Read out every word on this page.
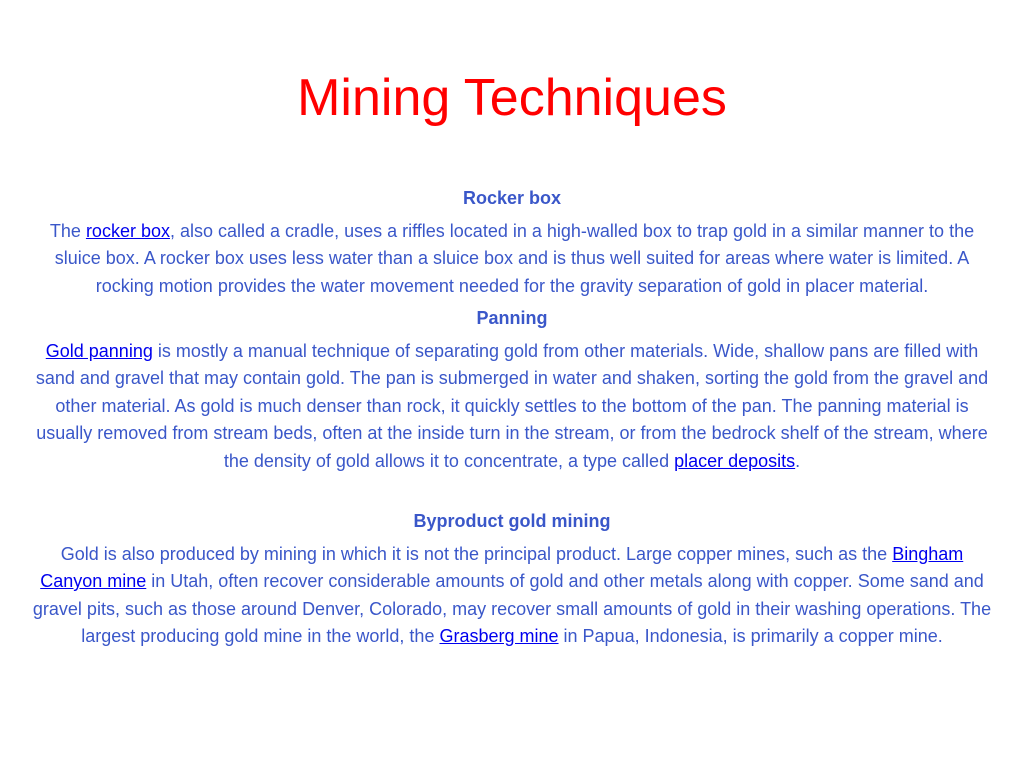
Mining Techniques
Rocker box
The rocker box, also called a cradle, uses a riffles located in a high-walled box to trap gold in a similar manner to the sluice box. A rocker box uses less water than a sluice box and is thus well suited for areas where water is limited. A rocking motion provides the water movement needed for the gravity separation of gold in placer material.
Panning
Gold panning is mostly a manual technique of separating gold from other materials. Wide, shallow pans are filled with sand and gravel that may contain gold. The pan is submerged in water and shaken, sorting the gold from the gravel and other material. As gold is much denser than rock, it quickly settles to the bottom of the pan. The panning material is usually removed from stream beds, often at the inside turn in the stream, or from the bedrock shelf of the stream, where the density of gold allows it to concentrate, a type called placer deposits.
Byproduct gold mining
Gold is also produced by mining in which it is not the principal product. Large copper mines, such as the Bingham Canyon mine in Utah, often recover considerable amounts of gold and other metals along with copper. Some sand and gravel pits, such as those around Denver, Colorado, may recover small amounts of gold in their washing operations. The largest producing gold mine in the world, the Grasberg mine in Papua, Indonesia, is primarily a copper mine.
